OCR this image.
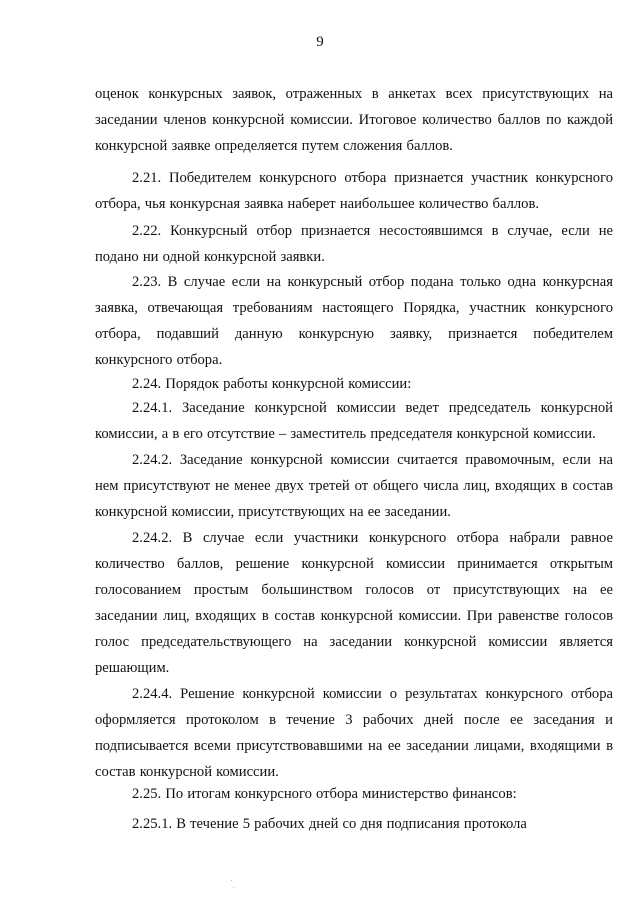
9

оценок конкурсных заявок, отраженных в анкетах всех присутствующих на заседании членов конкурсной комиссии. Итоговое количество баллов по каждой конкурсной заявке определяется путем сложения баллов.

2.21. Победителем конкурсного отбора признается участник конкурсного отбора, чья конкурсная заявка наберет наибольшее количество баллов.

2.22. Конкурсный отбор признается несостоявшимся в случае, если не подано ни одной конкурсной заявки.

2.23. В случае если на конкурсный отбор подана только одна конкурсная заявка, отвечающая требованиям настоящего Порядка, участник конкурсного отбора, подавший данную конкурсную заявку, признается победителем конкурсного отбора.

2.24. Порядок работы конкурсной комиссии:

2.24.1. Заседание конкурсной комиссии ведет председатель конкурсной комиссии, а в его отсутствие – заместитель председателя конкурсной комиссии.

2.24.2. Заседание конкурсной комиссии считается правомочным, если на нем присутствуют не менее двух третей от общего числа лиц, входящих в состав конкурсной комиссии, присутствующих на ее заседании.

2.24.2. В случае если участники конкурсного отбора набрали равное количество баллов, решение конкурсной комиссии принимается открытым голосованием простым большинством голосов от присутствующих на ее заседании лиц, входящих в состав конкурсной комиссии. При равенстве голосов голос председательствующего на заседании конкурсной комиссии является решающим.

2.24.4. Решение конкурсной комиссии о результатах конкурсного отбора оформляется протоколом в течение 3 рабочих дней после ее заседания и подписывается всеми присутствовавшими на ее заседании лицами, входящими в состав конкурсной комиссии.

2.25. По итогам конкурсного отбора министерство финансов:

2.25.1. В течение 5 рабочих дней со дня подписания протокола
